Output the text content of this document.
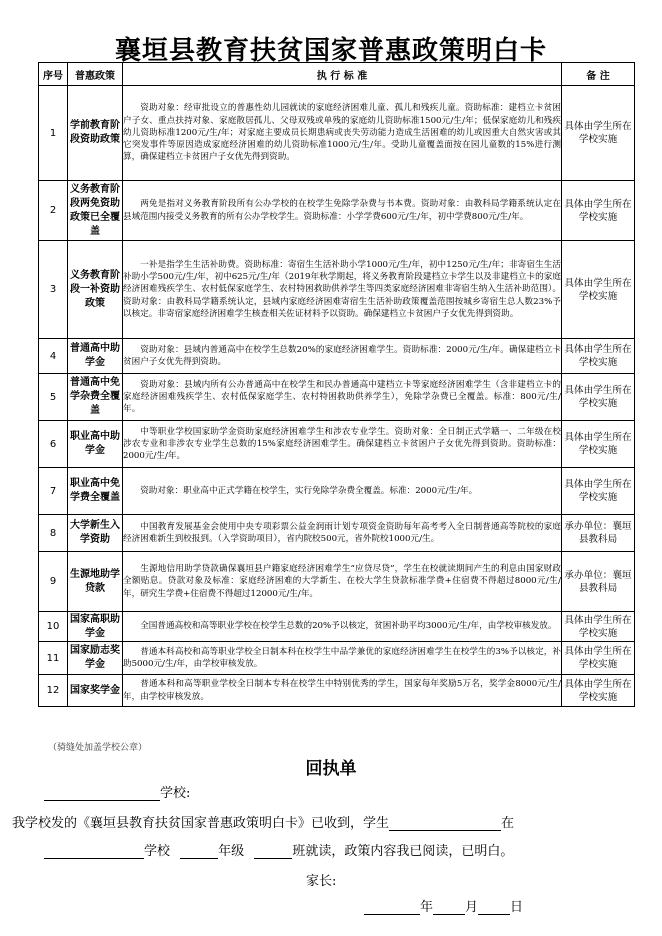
襄垣县教育扶贫国家普惠政策明白卡
序号	普惠政策	执 行 标 准	备 注
1	学前教育阶段资助政策	资助对象：经审批设立的普惠性幼儿园就读的家庭经济困难儿童、孤儿和残疾儿童。资助标准：建档立卡贫困户子女、重点扶持对象、家庭散居孤儿、父母双残或单残的家庭幼儿资助标准1500元/生/年；低保家庭幼儿和残疾幼儿资助标准1200元/生/年；对家庭主要成员长期患病或丧失劳动能力造成生活困难的幼儿或因重大自然灾害或其它突发事件等原因造成家庭经济困难的幼儿资助标准1000元/生/年。受助儿童覆盖面按在园儿童数的15%进行测算，确保建档立卡贫困户子女优先得到资助。	具体由学生所在学校实施
2	义务教育阶段两免资助政策已全覆盖	两免是指对义务教育阶段所有公办学校的在校学生免除学杂费与书本费。资助对象：由教科局学籍系统认定在县域范围内接受义务教育的所有公办学校学生。资助标准：小学学费600元/生/年，初中学费800元/生/年。	具体由学生所在学校实施
3	义务教育阶段一补资助政策	一补是指学生生活补助费。资助标准：寄宿生生活补助小学1000元/生/年，初中1250元/生/年；非寄宿生生活补助小学500元/生/年，初中625元/生/年（2019年秋学期起，将义务教育阶段建档立卡学生以及非建档立卡的家庭经济困难残疾学生、农村低保家庭学生、农村特困救助供养学生等四类家庭经济困难非寄宿生纳入生活补助范围）。资助对象：由教科局学籍系统认定，县域内家庭经济困难寄宿生生活补助政策覆盖范围按城乡寄宿生总人数23%予以核定。非寄宿家庭经济困难学生核查相关佐证材料予以资助。确保建档立卡贫困户子女优先得到资助。	具体由学生所在学校实施
4	普通高中助学金	资助对象：县域内普通高中在校学生总数20%的家庭经济困难学生。资助标准：2000元/生/年。确保建档立卡贫困户子女优先得到资助。	具体由学生所在学校实施
5	普通高中免学杂费全覆盖	资助对象：县域内所有公办普通高中在校学生和民办普通高中建档立卡等家庭经济困难学生（含非建档立卡的家庭经济困难残疾学生、农村低保家庭学生、农村特困救助供养学生），免除学杂费已全覆盖。标准：800元/生/年。	具体由学生所在学校实施
6	职业高中助学金	中等职业学校国家助学金资助家庭经济困难学生和涉农专业学生。资助对象：全日制正式学籍一、二年级在校涉农专业和非涉农专业学生总数的15%家庭经济困难学生。确保建档立卡贫困户子女优先得到资助。资助标准：2000元/生/年。	具体由学生所在学校实施
7	职业高中免学费全覆盖	资助对象：职业高中正式学籍在校学生，实行免除学杂费全覆盖。标准：2000元/生/年。	具体由学生所在学校实施
8	大学新生入学资助	中国教育发展基金会使用中央专项彩票公益金润雨计划专项资金资助每年高考考入全日制普通高等院校的家庭经济困难新生到校报到。（入学资助项目），省内院校500元，省外院校1000元/生。	承办单位：襄垣县教科局
9	生源地助学贷款	生源地信用助学贷款确保襄垣县户籍家庭经济困难学生“应贷尽贷”，学生在校就读期间产生的利息由国家财政全额贴息。贷款对象及标准：家庭经济困难的大学新生、在校大学生贷款标准学费+住宿费不得超过8000元/生/年，研究生学费+住宿费不得超过12000元/生/年。	承办单位：襄垣县教科局
10	国家高职助学金	全国普通高校和高等职业学校在校学生总数的20%予以核定，贫困补助平均3000元/生/年，由学校审核发放。	具体由学生所在学校实施
11	国家励志奖学金	普通本科高校和高等职业学校全日制本科在校学生中品学兼优的家庭经济困难学生在校学生的3%予以核定，补助5000元/生/年，由学校审核发放。	具体由学生所在学校实施
12	国家奖学金	普通本科和高等职业学校全日制本专科在校学生中特别优秀的学生，国家每年奖励5万名，奖学金8000元/生/年，由学校审核发放。	具体由学生所在学校实施
（骑缝处加盖学校公章）
回执单
学校:
我学校发的《襄垣县教育扶贫国家普惠政策明白卡》已收到，学生	在
学校	年级	班就读，政策内容我已阅读，已明白。
家长:
年 月 日
